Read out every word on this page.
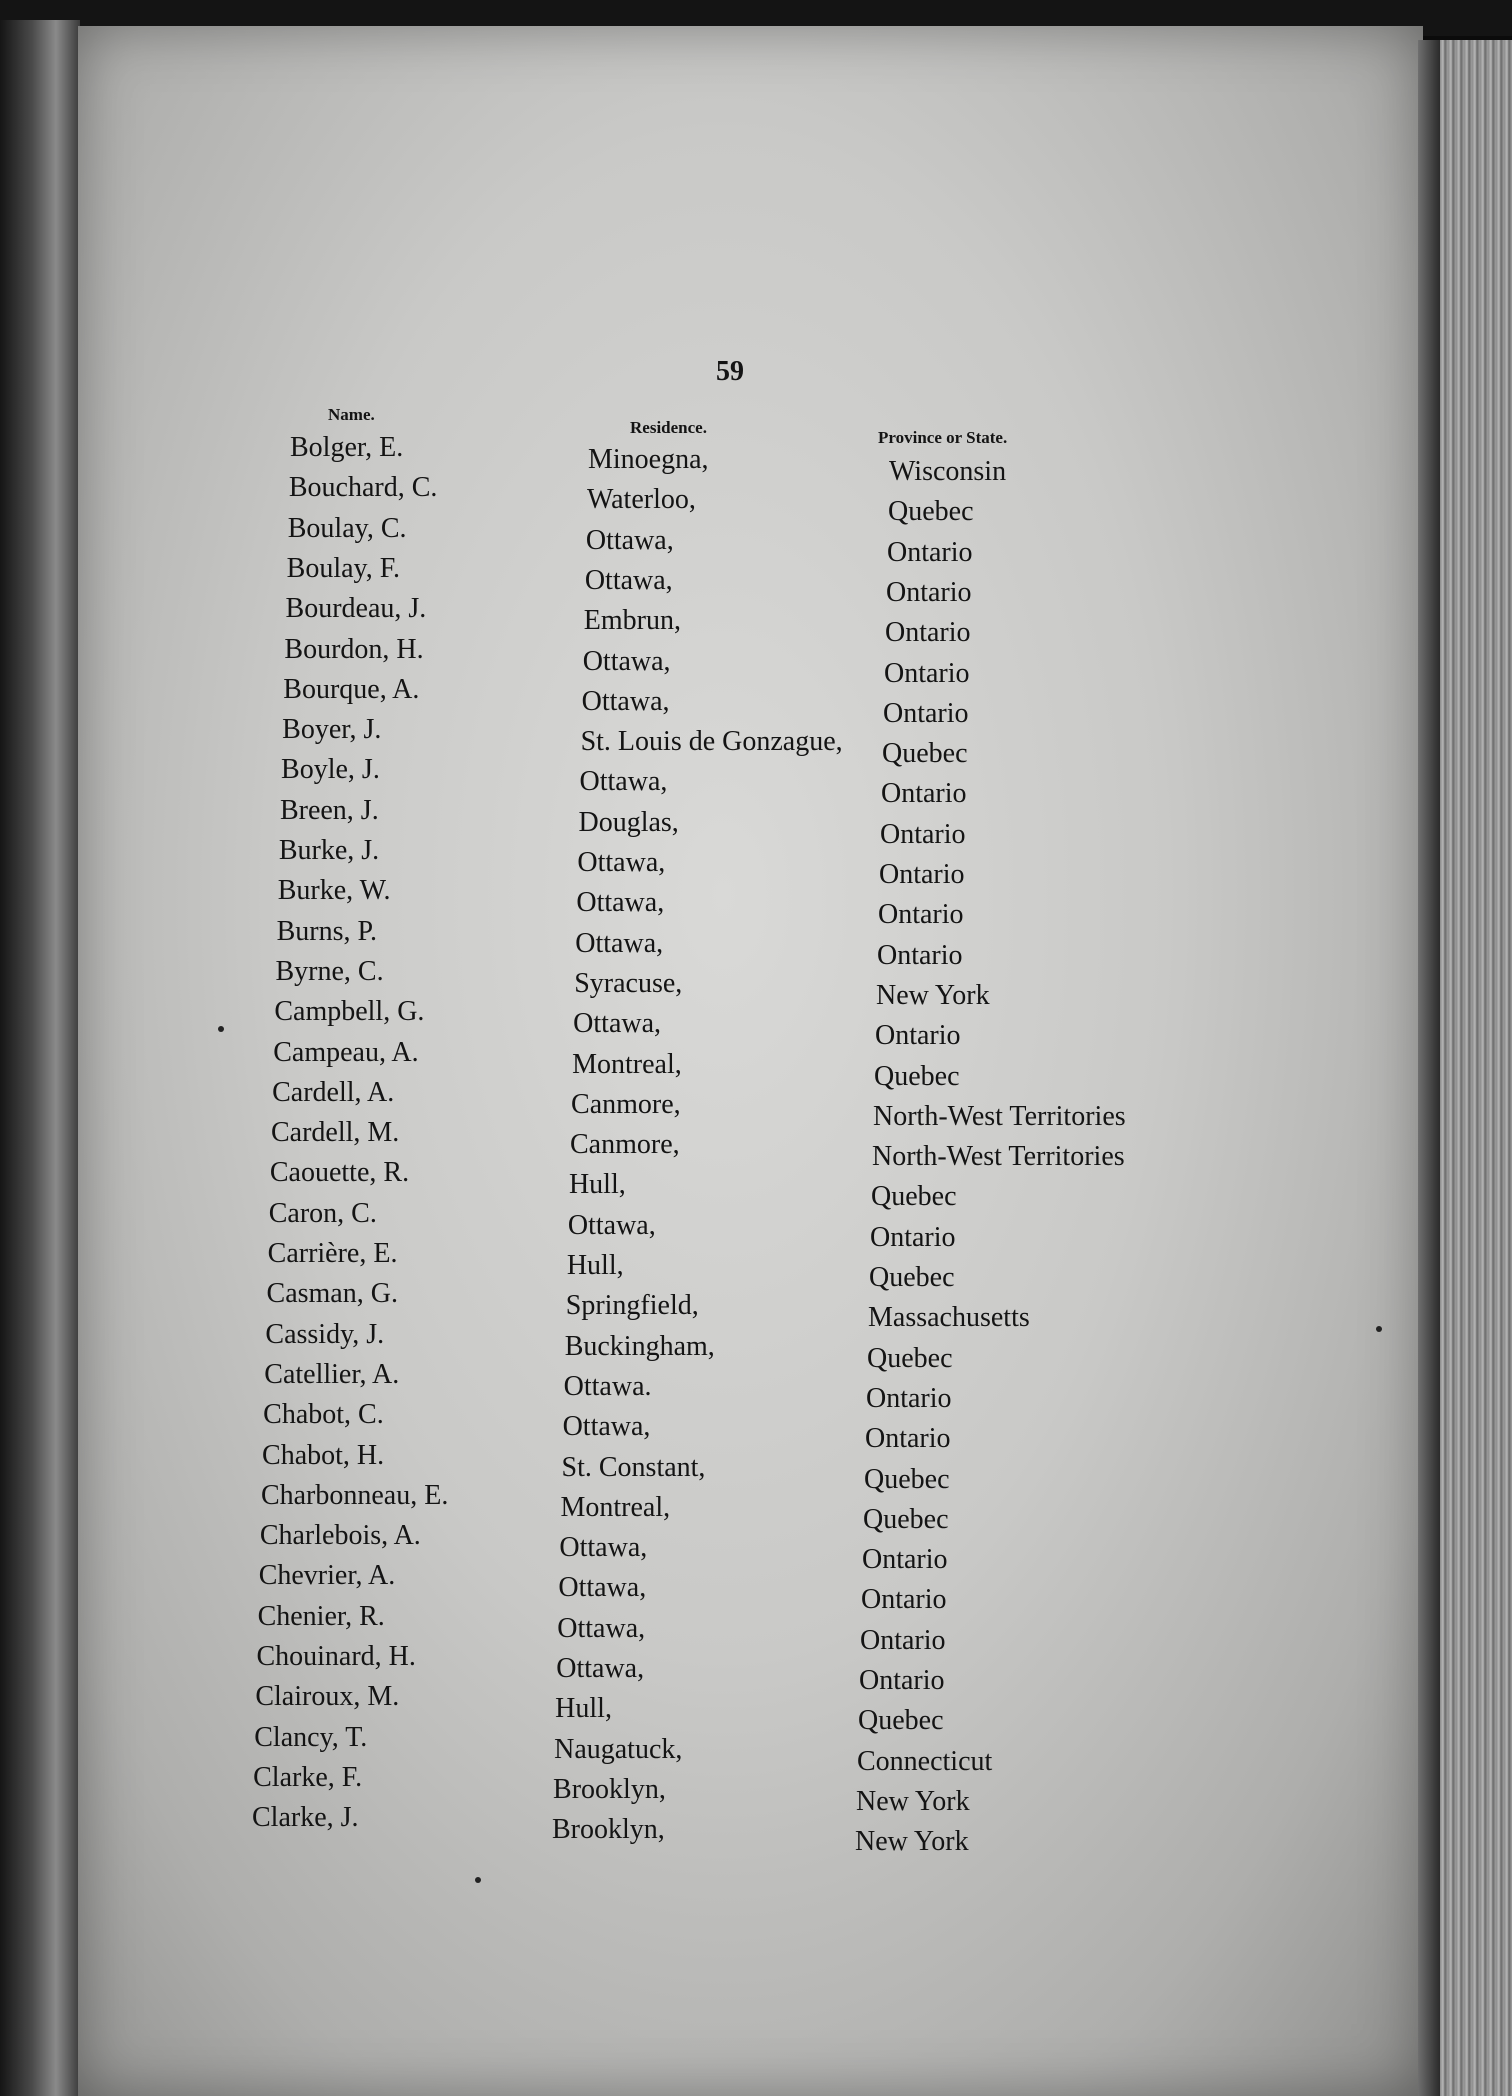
59
Name.
Residence.
Province or State.
Bolger, E.	Minoegna,	Wisconsin
Bouchard, C.	Waterloo,	Quebec
Boulay, C.	Ottawa,	Ontario
Boulay, F.	Ottawa,	Ontario
Bourdeau, J.	Embrun,	Ontario
Bourdon, H.	Ottawa,	Ontario
Bourque, A.	Ottawa,	Ontario
Boyer, J.	St. Louis de Gonzague, Quebec
Boyle, J.	Ottawa,	Ontario
Breen, J.	Douglas,	Ontario
Burke, J.	Ottawa,	Ontario
Burke, W.	Ottawa,	Ontario
Burns, P.	Ottawa,	Ontario
Byrne, C.	Syracuse,	New York
Campbell, G.	Ottawa,	Ontario
Campeau, A.	Montreal,	Quebec
Cardell, A.	Canmore,	North-West Territories
Cardell, M.	Canmore,	North-West Territories
Caouette, R.	Hull,	Quebec
Caron, C.	Ottawa,	Ontario
Carrière, E.	Hull,	Quebec
Casman, G.	Springfield,	Massachusetts
Cassidy, J.	Buckingham,	Quebec
Catellier, A.	Ottawa.	Ontario
Chabot, C.	Ottawa,	Ontario
Chabot, H.	St. Constant,	Quebec
Charbonneau, E.	Montreal,	Quebec
Charlebois, A.	Ottawa,	Ontario
Chevrier, A.	Ottawa,	Ontario
Chenier, R.	Ottawa,	Ontario
Chouinard, H.	Ottawa,	Ontario
Clairoux, M.	Hull,	Quebec
Clancy, T.	Naugatuck,	Connecticut
Clarke, F.	Brooklyn,	New York
Clarke, J.	Brooklyn,	New York
